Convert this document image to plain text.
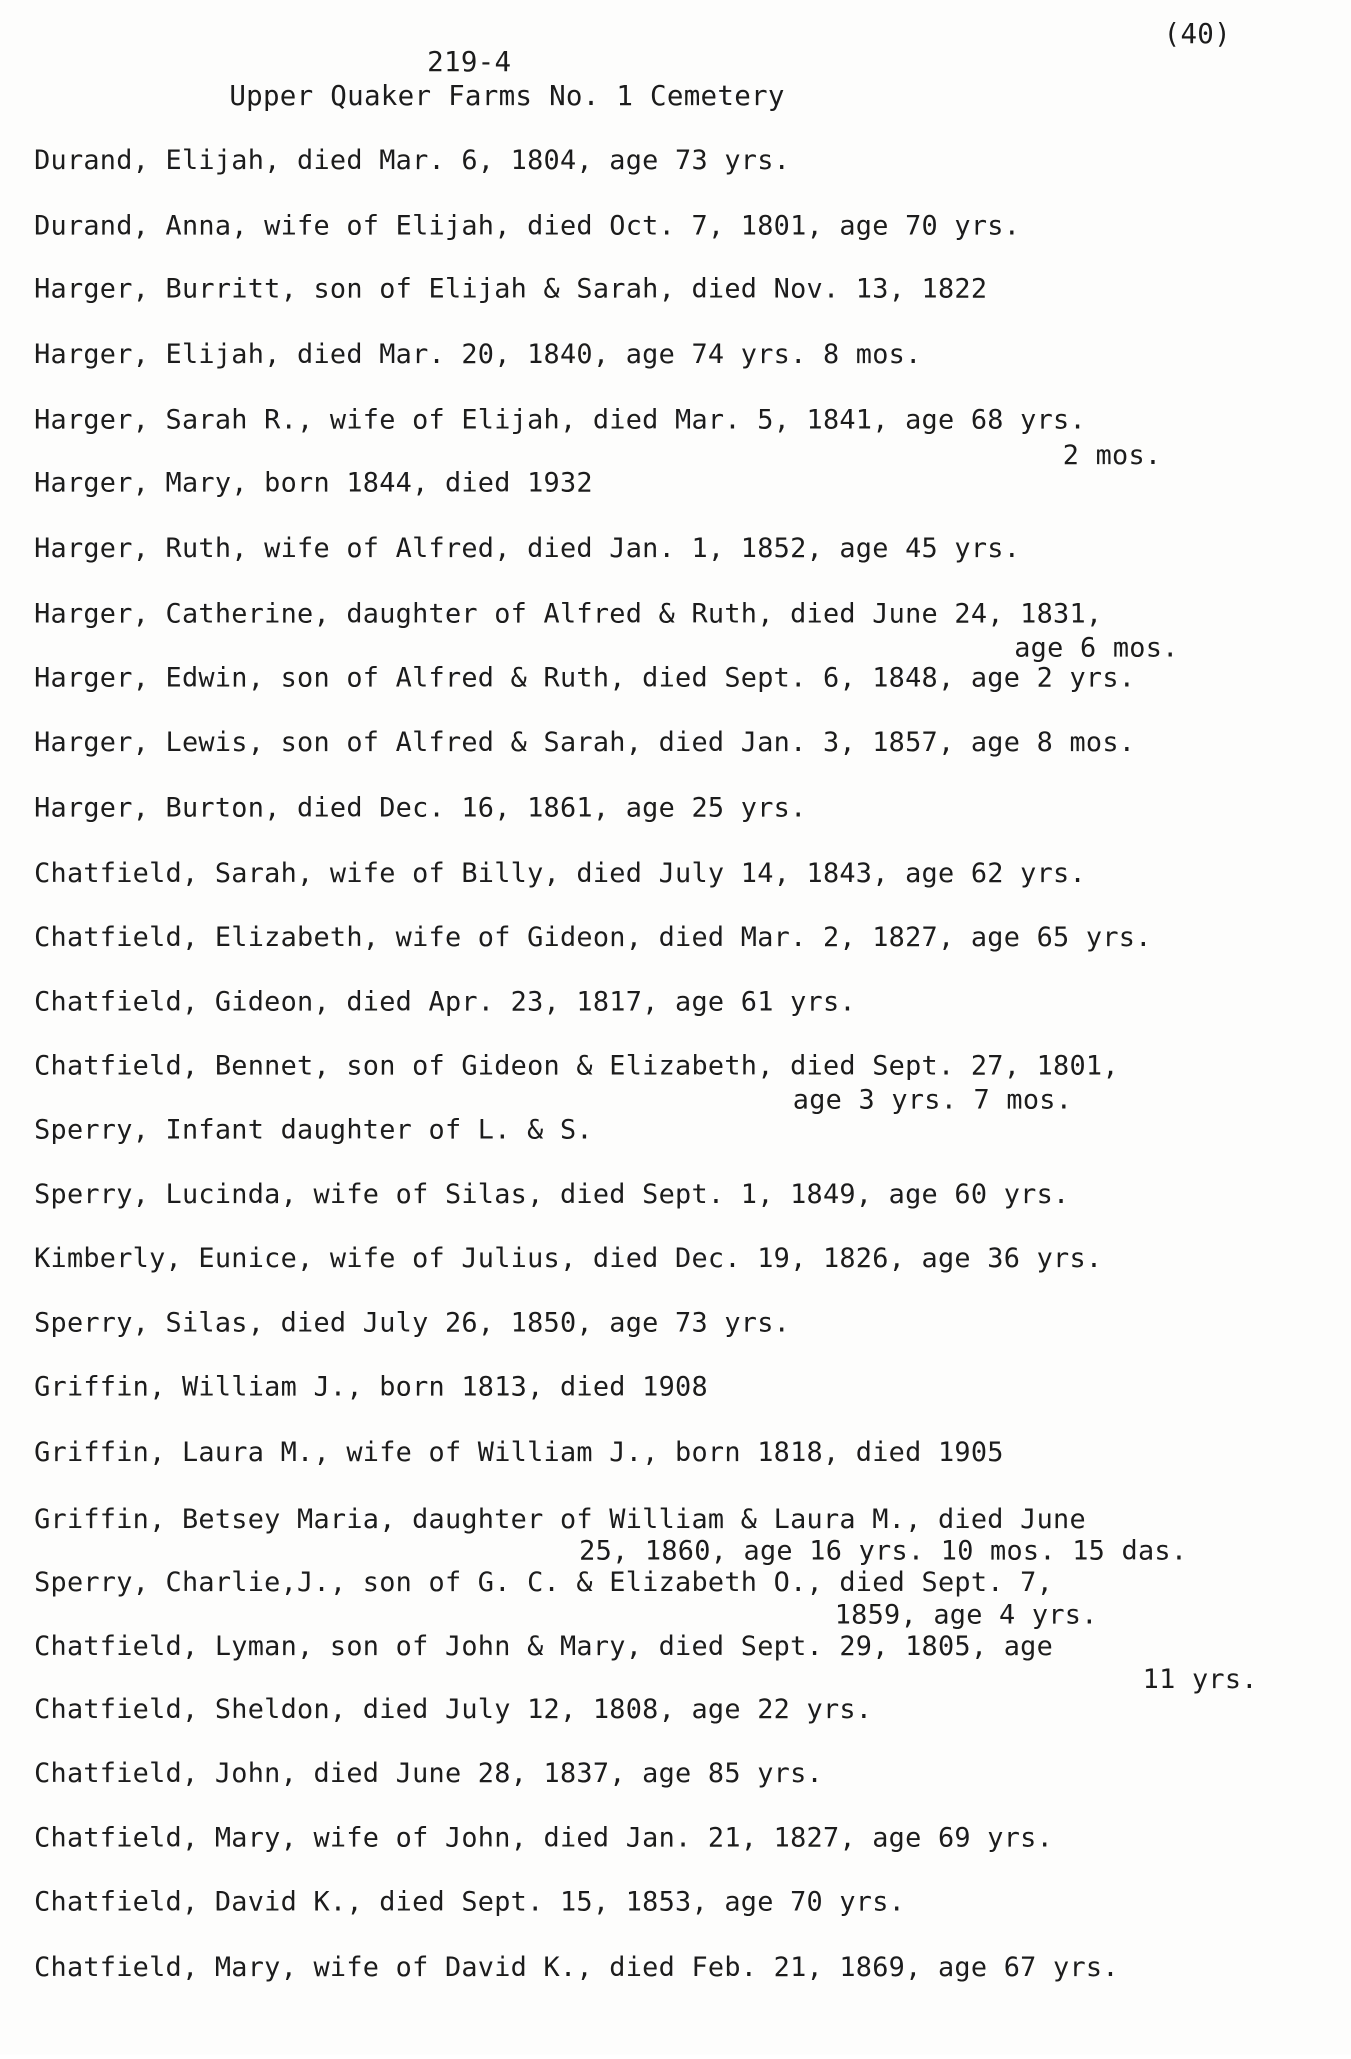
(40)
219-4
Upper Quaker Farms No. 1 Cemetery
Durand, Elijah, died Mar. 6, 1804, age 73 yrs.
Durand, Anna, wife of Elijah, died Oct. 7, 1801, age 70 yrs.
Harger, Burritt, son of Elijah & Sarah, died Nov. 13, 1822
Harger, Elijah, died Mar. 20, 1840, age 74 yrs. 8 mos.
Harger, Sarah R., wife of Elijah, died Mar. 5, 1841, age 68 yrs.
2 mos.
Harger, Mary, born 1844, died 1932
Harger, Ruth, wife of Alfred, died Jan. 1, 1852, age 45 yrs.
Harger, Catherine, daughter of Alfred & Ruth, died June 24, 1831,
age 6 mos.
Harger, Edwin, son of Alfred & Ruth, died Sept. 6, 1848, age 2 yrs.
Harger, Lewis, son of Alfred & Sarah, died Jan. 3, 1857, age 8 mos.
Harger, Burton, died Dec. 16, 1861, age 25 yrs.
Chatfield, Sarah, wife of Billy, died July 14, 1843, age 62 yrs.
Chatfield, Elizabeth, wife of Gideon, died Mar. 2, 1827, age 65 yrs.
Chatfield, Gideon, died Apr. 23, 1817, age 61 yrs.
Chatfield, Bennet, son of Gideon & Elizabeth, died Sept. 27, 1801,
age 3 yrs. 7 mos.
Sperry, Infant daughter of L. & S.
Sperry, Lucinda, wife of Silas, died Sept. 1, 1849, age 60 yrs.
Kimberly, Eunice, wife of Julius, died Dec. 19, 1826, age 36 yrs.
Sperry, Silas, died July 26, 1850, age 73 yrs.
Griffin, William J., born 1813, died 1908
Griffin, Laura M., wife of William J., born 1818, died 1905
Griffin, Betsey Maria, daughter of William & Laura M., died June
25, 1860, age 16 yrs. 10 mos. 15 das.
Sperry, Charlie,J., son of G. C. & Elizabeth O., died Sept. 7,
1859, age 4 yrs.
Chatfield, Lyman, son of John & Mary, died Sept. 29, 1805, age
11 yrs.
Chatfield, Sheldon, died July 12, 1808, age 22 yrs.
Chatfield, John, died June 28, 1837, age 85 yrs.
Chatfield, Mary, wife of John, died Jan. 21, 1827, age 69 yrs.
Chatfield, David K., died Sept. 15, 1853, age 70 yrs.
Chatfield, Mary, wife of David K., died Feb. 21, 1869, age 67 yrs.
